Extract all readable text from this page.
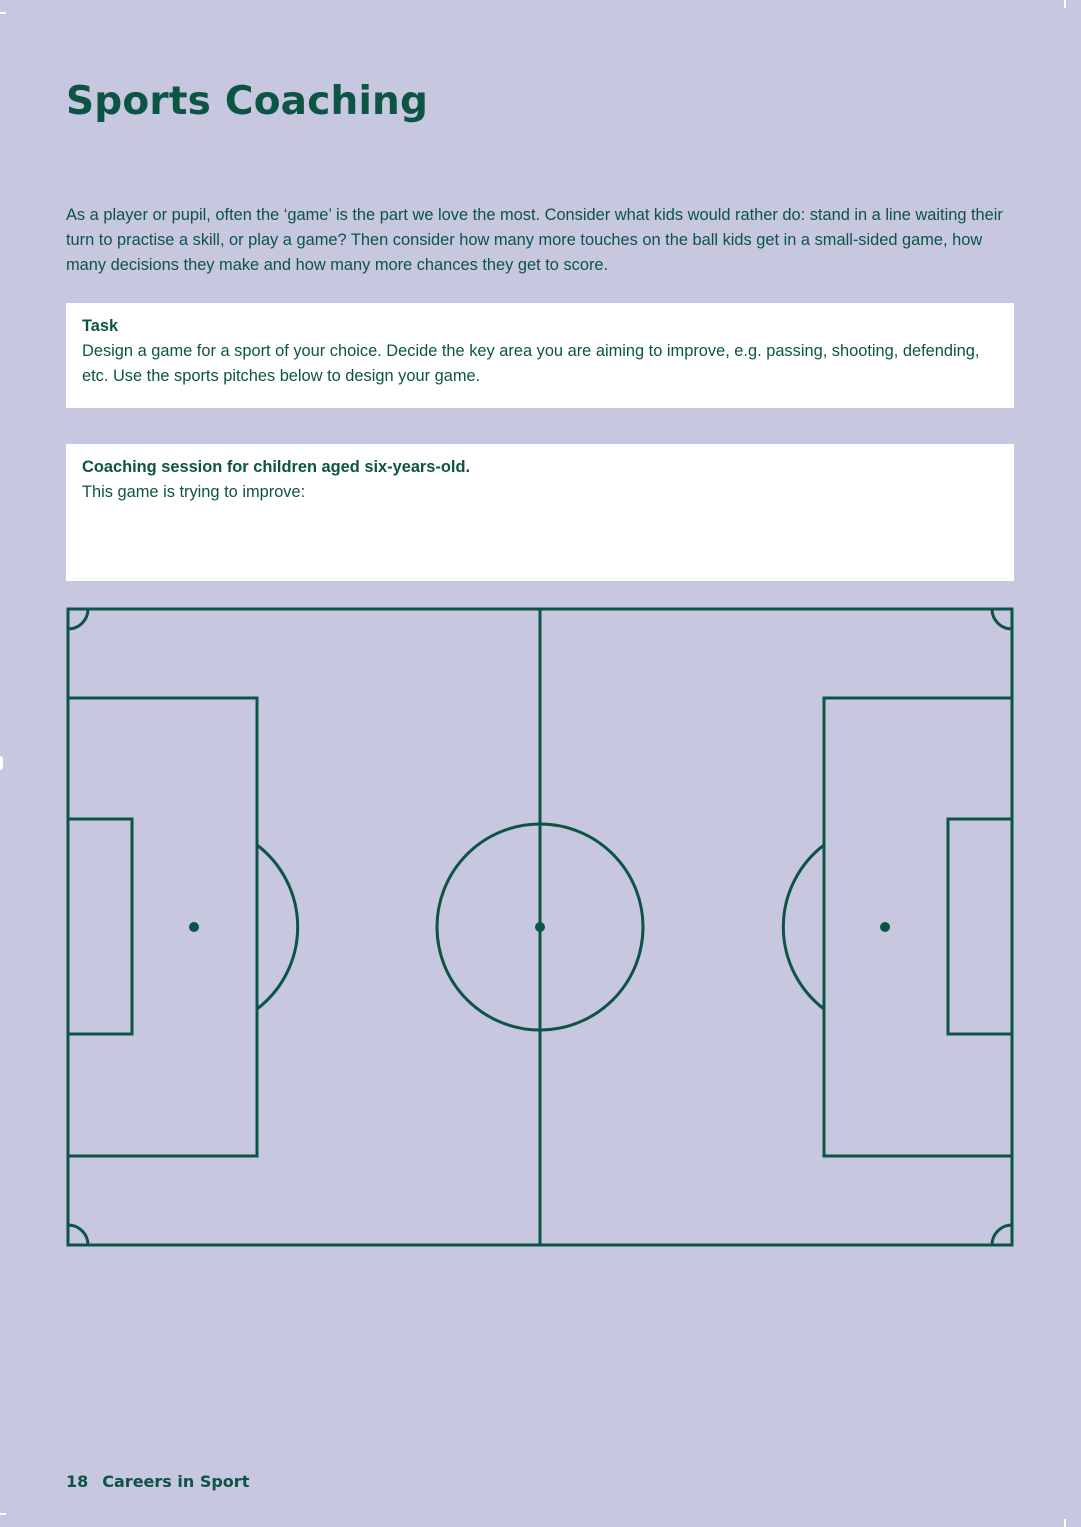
Sports Coaching

As a player or pupil, often the ‘game’ is the part we love the most. Consider what kids would rather do: stand in a line waiting their turn to practise a skill, or play a game? Then consider how many more touches on the ball kids get in a small-sided game, how many decisions they make and how many more chances they get to score.

Task
Design a game for a sport of your choice. Decide the key area you are aiming to improve, e.g. passing, shooting, defending, etc. Use the sports pitches below to design your game.
Coaching session for children aged six-years-old.
This game is trying to improve:
18 Careers in Sport
